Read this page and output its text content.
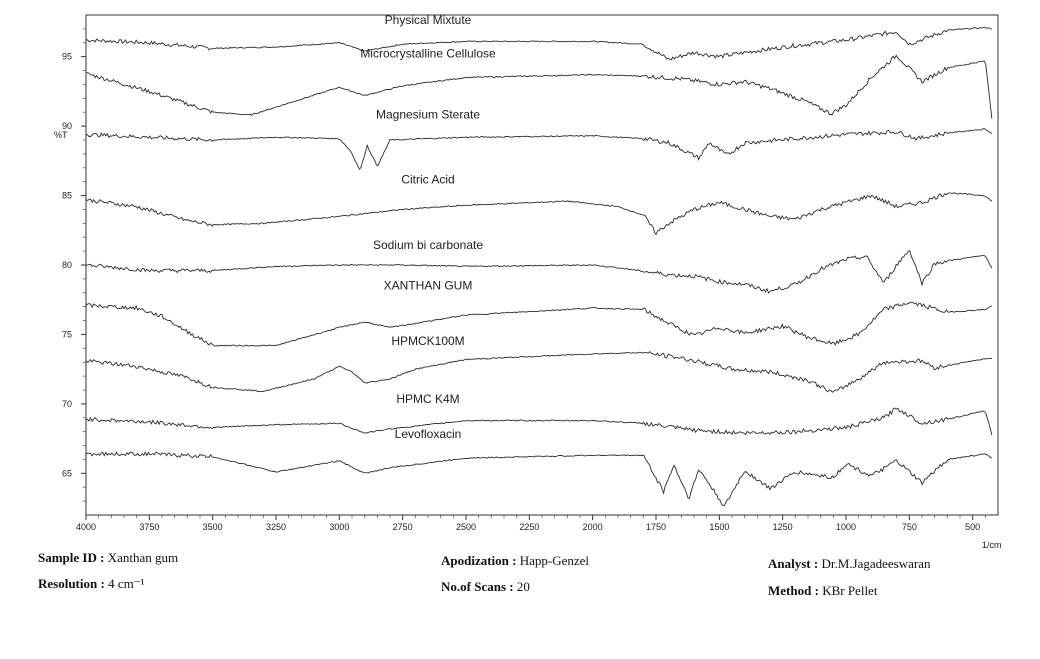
65
70
75
80
85
90
95
4000	3750	3500	3250	3000	2750	2500	2250	2000	1750	1500	1250	1000	750	500
Physical Mixtute
Microcrystalline Cellulose
Magnesium Sterate
Citric Acid
Sodium bi carbonate
XANTHAN GUM
HPMCK100M
HPMC K4M
Levofloxacin
%T
1/cm
Sample ID : Xanthan gum
Resolution : 4 cm⁻¹
Apodization : Happ-Genzel
No.of Scans : 20
Analyst : Dr.M.Jagadeeswaran
Method : KBr Pellet
